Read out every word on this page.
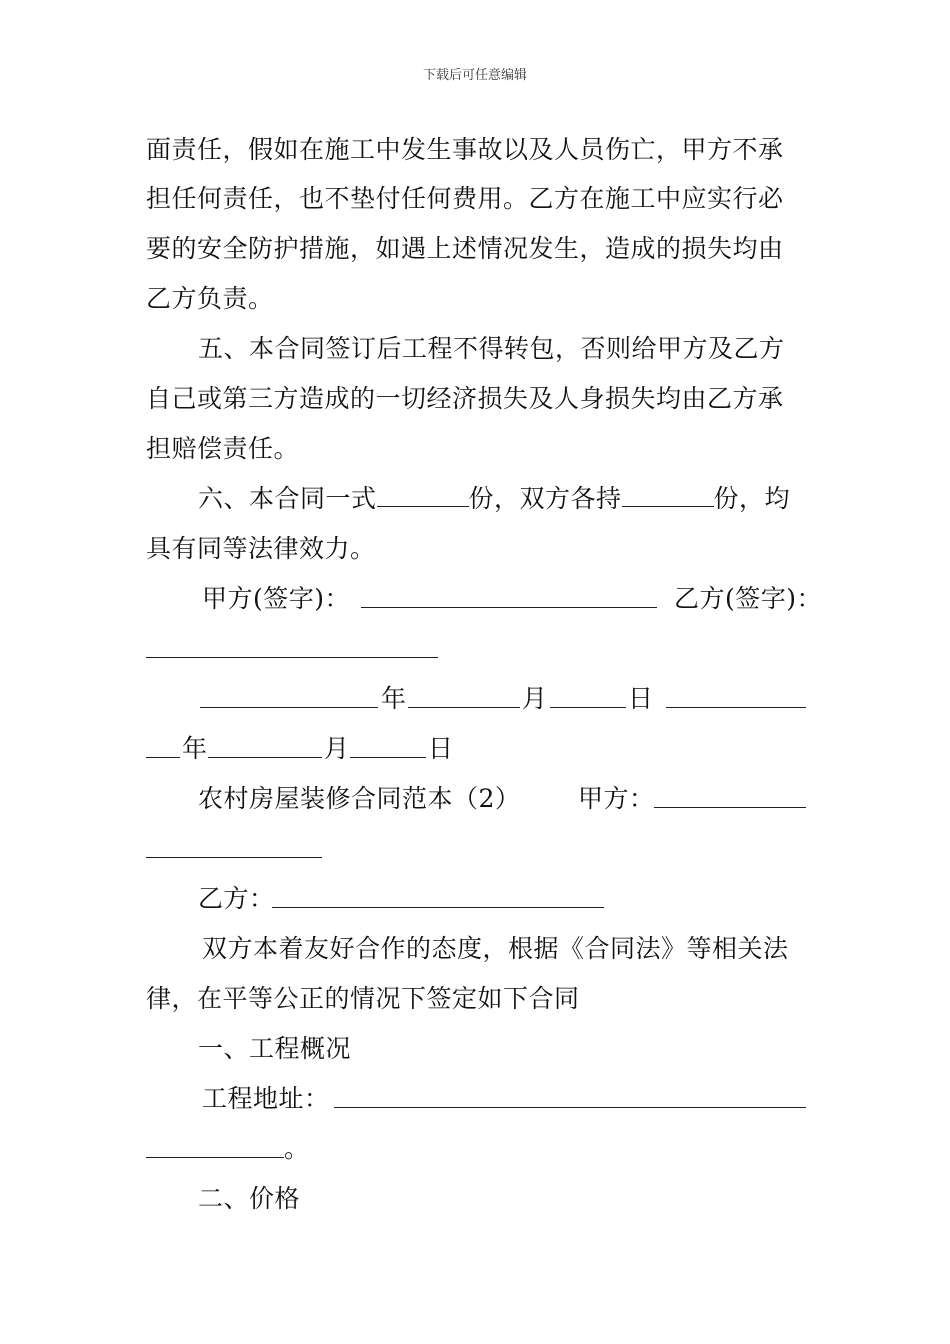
下载后可任意编辑
面责任，假如在施工中发生事故以及人员伤亡，甲方不承
担任何责任，也不垫付任何费用。乙方在施工中应实行必
要的安全防护措施，如遇上述情况发生，造成的损失均由
乙方负责。
五、本合同签订后工程不得转包，否则给甲方及乙方
自己或第三方造成的一切经济损失及人身损失均由乙方承
担赔偿责任。
六、本合同一式	份，双方各持	份，均
具有同等法律效力。
甲方(签字)：	乙方(签字)：
年	月	日
年	月	日
农村房屋装修合同范本（2） 甲方：
乙方：
双方本着友好合作的态度，根据《合同法》等相关法
律，在平等公正的情况下签定如下合同
一、工程概况
工程地址：
。
二、价格
